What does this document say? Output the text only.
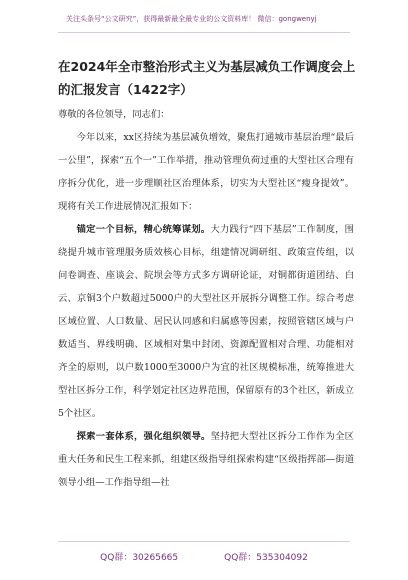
关注头条号“公文研究”，获得最新最全最专业的公文资料库！ 微信：gongwenyj
在2024年全市整治形式主义为基层减负工作调度会上的汇报发言（1422字）

尊敬的各位领导，同志们：

今年以来，xx区持续为基层减负增效，聚焦打通城市基层治理“最后一公里”，探索“五个一”工作举措，推动管理负荷过重的大型社区合理有序拆分优化，进一步理顺社区治理体系，切实为大型社区“瘦身提效”。现将有关工作进展情况汇报如下：

锚定一个目标，精心统筹谋划。大力践行“四下基层”工作制度，围绕提升城市管理服务质效核心目标，组建情况调研组、政策宣传组，以问卷调查、座谈会、院坝会等方式多方调研论证，对铜都街道团结、白云、京铜3个户数超过5000户的大型社区开展拆分调整工作。综合考虑区域位置、人口数量、居民认同感和归属感等因素，按照管辖区域与户数适当、界线明确、区域相对集中封闭、资源配置相对合理、功能相对齐全的原则，以户数1000至3000户为宜的社区规模标准，统筹推进大型社区拆分工作，科学划定社区边界范围，保留原有的3个社区，新成立5个社区。

探索一套体系，强化组织领导。坚持把大型社区拆分工作作为全区重大任务和民生工程来抓，组建区级指导组探索构建“区级指挥部—街道领导小组—工作指导组—社

QQ群：30265665	QQ群：535304092
